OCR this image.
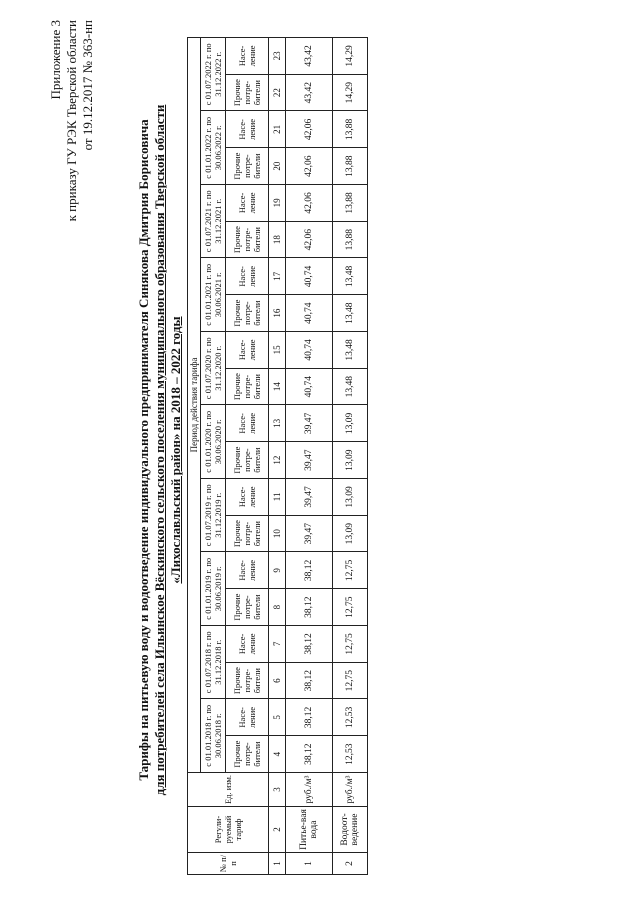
Приложение 3 к приказу ГУ РЭК Тверской области от 19.12.2017 № 363-нп
Тарифы на питьевую воду и водоотведение индивидуального предпринимателя Синякова Дмитрия Борисовича для потребителей села Ильинское Вёскинского сельского поселения муниципального образования Тверской области «Лихославльский район» на 2018 – 2022 годы
№ п/п	Регули-руемый тариф	Ед. изм.	Период действия тарифа																			
			с 01.01.2018 г. по 30.06.2018 г.		с 01.07.2018 г. по 31.12.2018 г.		с 01.01.2019 г. по 30.06.2019 г.		с 01.07.2019 г. по 31.12.2019 г.		с 01.01.2020 г. по 30.06.2020 г.		с 01.07.2020 г. по 31.12.2020 г.		с 01.01.2021 г. по 30.06.2021 г.		с 01.07.2021 г. по 31.12.2021 г.		с 01.01.2022 г. по 30.06.2022 г.		с 01.07.2022 г. по 31.12.2022 г.	
			Прочие потре-бители	Насе-ление	Прочие потре-бители	Насе-ление	Прочие потре-бители	Насе-ление	Прочие потре-бители	Насе-ление	Прочие потре-бители	Насе-ление	Прочие потре-бители	Насе-ление	Прочие потре-бители	Насе-ление	Прочие потре-бители	Насе-ление	Прочие потре-бители	Насе-ление	Прочие потре-бители	Насе-ление
1	2	3	4	5	6	7	8	9	10	11	12	13	14	15	16	17	18	19	20	21	22	23
1	Питье-вая вода	руб./м³	38,12	38,12	38,12	38,12	38,12	38,12	39,47	39,47	39,47	39,47	40,74	40,74	40,74	40,74	42,06	42,06	42,06	42,06	43,42	43,42
2	Водоот-ведение	руб./м³	12,53	12,53	12,75	12,75	12,75	12,75	13,09	13,09	13,09	13,09	13,48	13,48	13,48	13,48	13,88	13,88	13,88	13,88	14,29	14,29
